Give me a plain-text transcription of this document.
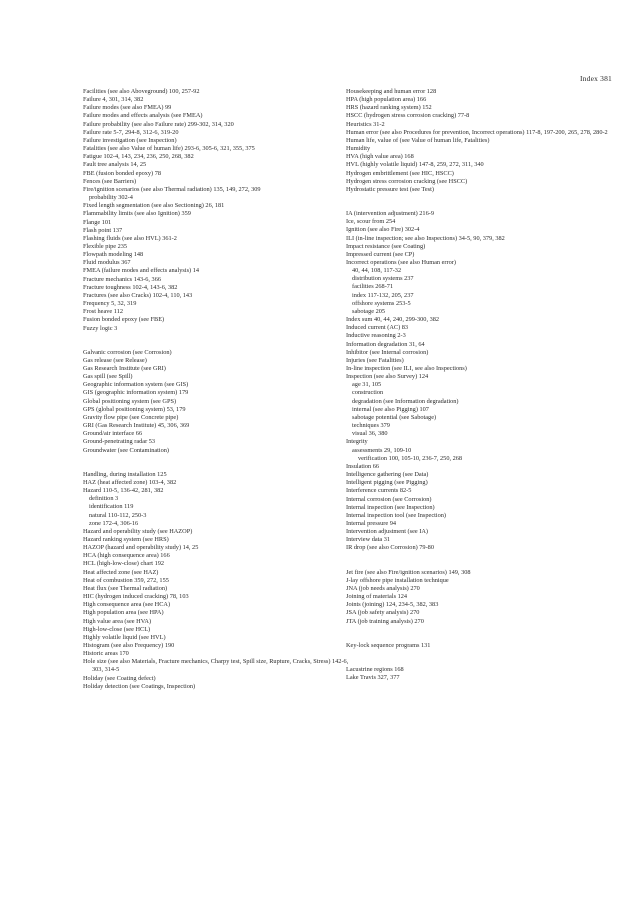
Index 381
Facilities (see also Aboveground) 100, 257-92
Failure 4, 301, 314, 382
Failure modes (see also FMEA) 99
Failure modes and effects analysis (see FMEA)
Failure probability (see also Failure rate) 299-302, 314, 320
Failure rate 5-7, 294-8, 312-6, 319-20
Failure investigation (see Inspection)
Fatalities (see also Value of human life) 293-6, 305-6, 321, 355, 375
Fatigue 102-4, 143, 234, 236, 250, 268, 382
Fault tree analysis 14, 25
FBE (fusion bonded epoxy) 78
Fences (see Barriers)
Fire/ignition scenarios (see also Thermal radiation) 135, 149, 272, 309
probability 302-4
Fixed length segmentation (see also Sectioning) 26, 181
Flammability limits (see also Ignition) 359
Flange 101
Flash point 137
Flashing fluids (see also HVL) 361-2
Flexible pipe 235
Flowpath modeling 148
Fluid modulus 367
FMEA (failure modes and effects analysis) 14
Fracture mechanics 143-6, 366
Fracture toughness 102-4, 143-6, 382
Fractures (see also Cracks) 102-4, 110, 143
Frequency 5, 32, 319
Frost heave 112
Fusion bonded epoxy (see FBE)
Fuzzy logic 3
Galvanic corrosion (see Corrosion)
Gas release (see Release)
Gas Research Institute (see GRI)
Gas spill (see Spill)
Geographic information system (see GIS)
GIS (geographic information system) 179
Global positioning system (see GPS)
GPS (global positioning system) 53, 179
Gravity flow pipe (see Concrete pipe)
GRI (Gas Research Institute) 45, 306, 369
Ground/air interface 66
Ground-penetrating radar 53
Groundwater (see Contamination)
Handling, during installation 125
HAZ (heat affected zone) 103-4, 382
Hazard 110-5, 136-42, 281, 382
definition 3
identification 119
natural 110-112, 250-3
zone 172-4, 306-16
Hazard and operability study (see HAZOP)
Hazard ranking system (see HRS)
HAZOP (hazard and operability study) 14, 25
HCA (high consequence area) 166
HCL (high-low-close) chart 192
Heat affected zone (see HAZ)
Heat of combustion 359, 272, 155
Heat flux (see Thermal radiation)
HIC (hydrogen induced cracking) 78, 103
High consequence area (see HCA)
High population area (see HPA)
High value area (see HVA)
High-low-close (see HCL)
Highly volatile liquid (see HVL)
Histogram (see also Frequency) 190
Historic areas 170
Hole size (see also Materials, Fracture mechanics, Charpy test, Spill size, Rupture, Cracks, Stress) 142-6, 303, 314-5
Holiday (see Coating defect)
Holiday detection (see Coatings, Inspection)
Housekeeping and human error 128
HPA (high population area) 166
HRS (hazard ranking system) 152
HSCC (hydrogen stress corrosion cracking) 77-8
Heuristics 31-2
Human error (see also Procedures for prevention, Incorrect operations) 117-8, 197-200, 265, 278, 280-2
Human life, value of (see Value of human life, Fatalities)
Humidity
HVA (high value area) 168
HVL (highly volatile liquid) 147-8, 259, 272, 311, 340
Hydrogen embrittlement (see HIC, HSCC)
Hydrogen stress corrosion cracking (see HSCC)
Hydrostatic pressure test (see Test)
IA (intervention adjustment) 216-9
Ice, scour from 254
Ignition (see also Fire) 302-4
ILI (in-line inspection; see also Inspections) 34-5, 90, 379, 382
Impact resistance (see Coating)
Impressed current (see CP)
Incorrect operations (see also Human error)
40, 44, 108, 117-32
distribution systems 237
facilities 268-71
index 117-132, 205, 237
offshore systems 253-5
sabotage 205
Index sum 40, 44, 240, 299-300, 382
Induced current (AC) 83
Inductive reasoning 2-3
Information degradation 31, 64
Inhibitor (see Internal corrosion)
Injuries (see Fatalities)
In-line inspection (see ILI, see also Inspections)
Inspection (see also Survey) 124
age 31, 105
construction
degradation (see Information degradation)
internal (see also Pigging) 107
sabotage potential (see Sabotage)
techniques 379
visual 36, 380
Integrity
assessments 29, 109-10
verification 100, 105-10, 236-7, 250, 268
Insulation 66
Intelligence gathering (see Data)
Intelligent pigging (see Pigging)
Interference currents 82-5
Internal corrosion (see Corrosion)
Internal inspection (see Inspection)
Internal inspection tool (see Inspection)
Internal pressure 94
Intervention adjustment (see IA)
Interview data 31
IR drop (see also Corrosion) 79-80
Jet fire (see also Fire/ignition scenarios) 149, 308
J-lay offshore pipe installation technique
JNA (job needs analysis) 270
Joining of materials 124
Joints (joining) 124, 234-5, 382, 383
JSA (job safety analysis) 270
JTA (job training analysis) 270
Key-lock sequence programs 131
Lacustrine regions 168
Lake Travis 327, 377
